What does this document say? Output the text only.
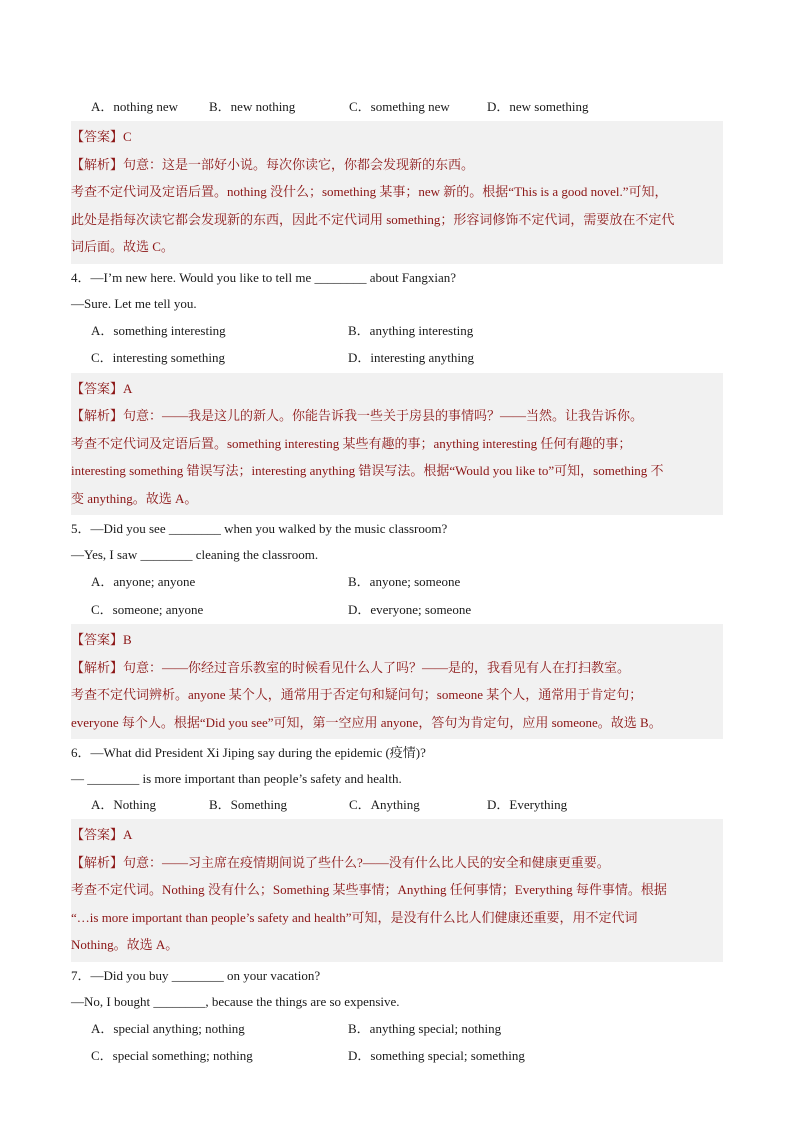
A．nothing new	B．new nothing	C．something new	D．new something
【答案】C
【解析】句意：这是一部好小说。每次你读它，你都会发现新的东西。
考查不定代词及定语后置。nothing 没什么；something 某事；new 新的。根据“This is a good novel.”可知，
此处是指每次读它都会发现新的东西，因此不定代词用 something；形容词修饰不定代词，需要放在不定代
词后面。故选 C。
4．—I’m new here. Would you like to tell me ________ about Fangxian?
—Sure. Let me tell you.
A．something interesting	B．anything interesting
C．interesting something	D．interesting anything
【答案】A
【解析】句意：——我是这儿的新人。你能告诉我一些关于房县的事情吗？——当然。让我告诉你。
考查不定代词及定语后置。something interesting 某些有趣的事；anything interesting 任何有趣的事；
interesting something 错误写法；interesting anything 错误写法。根据“Would you like to”可知，something 不
变 anything。故选 A。
5．—Did you see ________ when you walked by the music classroom?
—Yes, I saw ________ cleaning the classroom.
A．anyone; anyone	B．anyone; someone
C．someone; anyone	D．everyone; someone
【答案】B
【解析】句意：——你经过音乐教室的时候看见什么人了吗？——是的，我看见有人在打扫教室。
考查不定代词辨析。anyone 某个人，通常用于否定句和疑问句；someone 某个人，通常用于肯定句；
everyone 每个人。根据“Did you see”可知，第一空应用 anyone，答句为肯定句，应用 someone。故选 B。
6．—What did President Xi Jiping say during the epidemic (疫情)?
— ________ is more important than people’s safety and health.
A．Nothing	B．Something	C．Anything	D．Everything
【答案】A
【解析】句意：——习主席在疫情期间说了些什么?——没有什么比人民的安全和健康更重要。
考查不定代词。Nothing 没有什么；Something 某些事情；Anything 任何事情；Everything 每件事情。根据
“…is more important than people’s safety and health”可知，是没有什么比人们健康还重要，用不定代词
Nothing。故选 A。
7．—Did you buy ________ on your vacation?
—No, I bought ________, because the things are so expensive.
A．special anything; nothing	B．anything special; nothing
C．special something; nothing	D．something special; something
